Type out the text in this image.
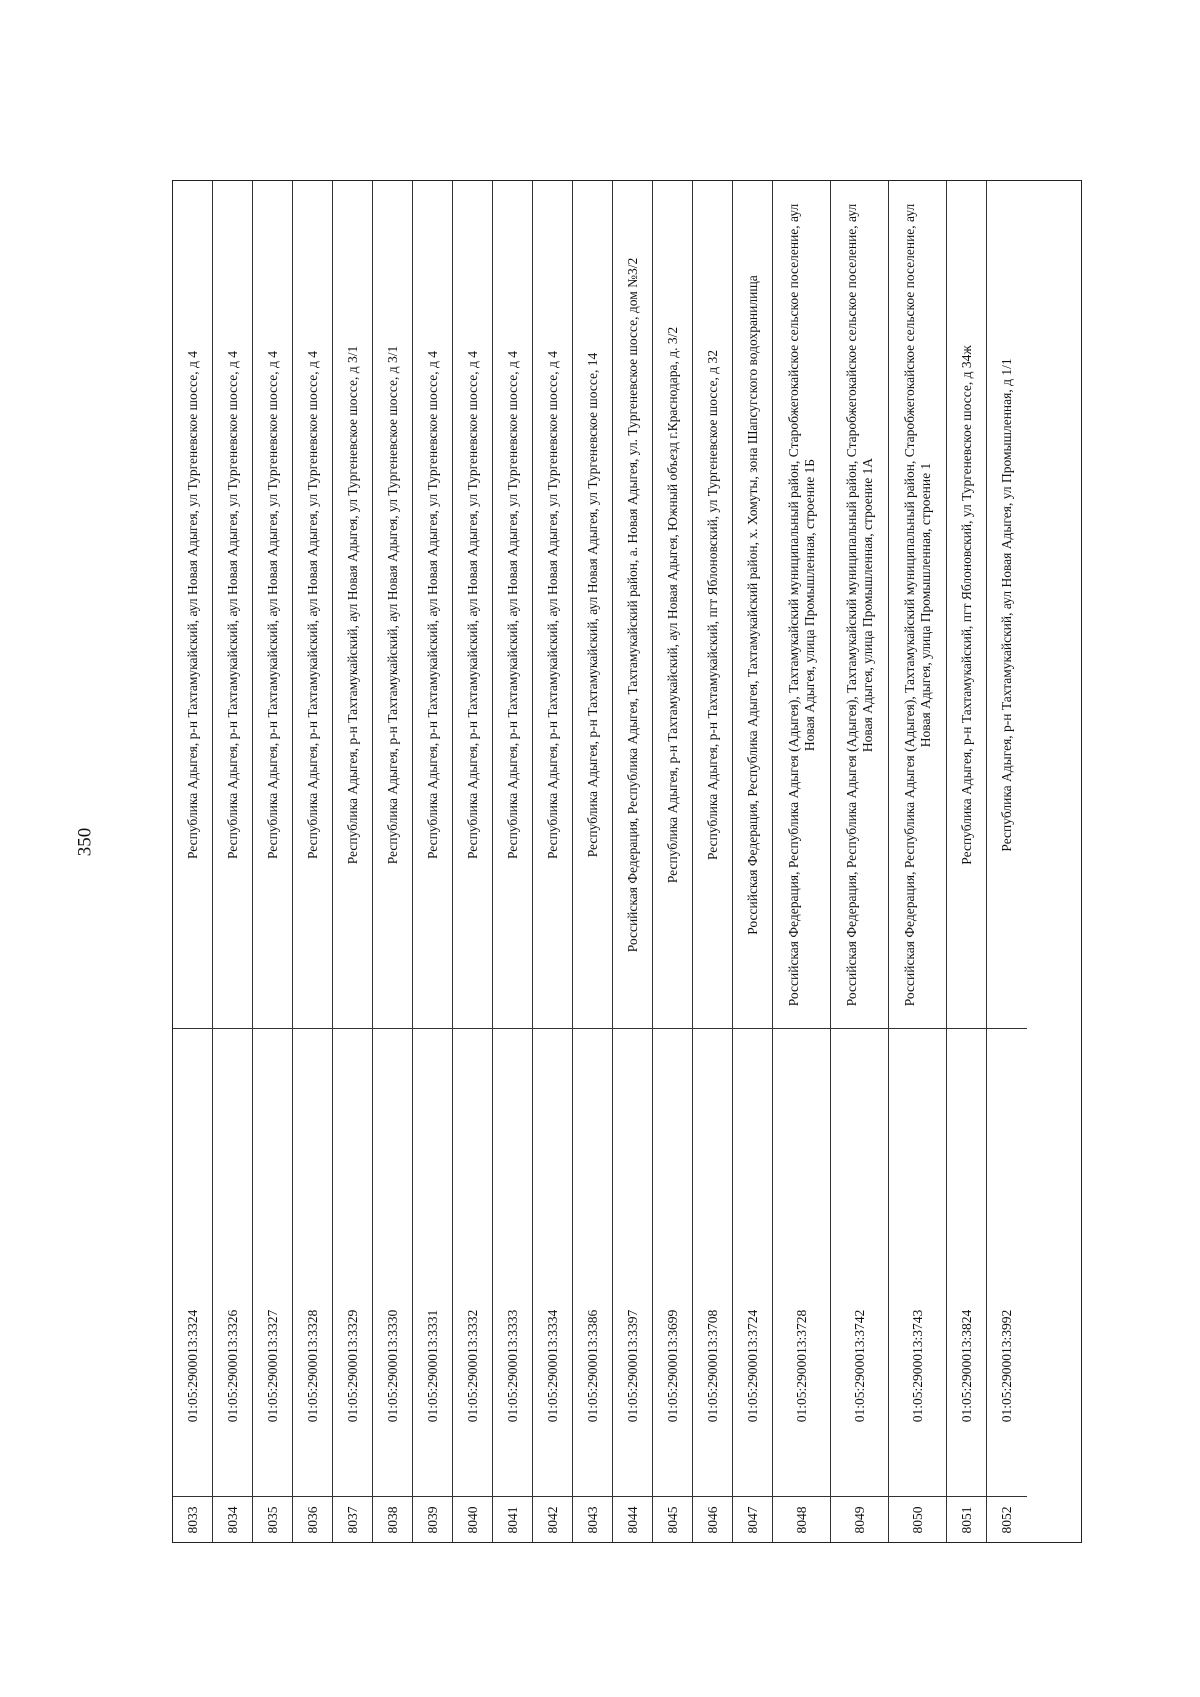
350
8033
01:05:2900013:3324
Республика Адыгея, р-н Тахтамукайский, аул Новая Адыгея, ул Тургеневское шоссе, д 4
8034
01:05:2900013:3326
Республика Адыгея, р-н Тахтамукайский, аул Новая Адыгея, ул Тургеневское шоссе, д 4
8035
01:05:2900013:3327
Республика Адыгея, р-н Тахтамукайский, аул Новая Адыгея, ул Тургеневское шоссе, д 4
8036
01:05:2900013:3328
Республика Адыгея, р-н Тахтамукайский, аул Новая Адыгея, ул Тургеневское шоссе, д 4
8037
01:05:2900013:3329
Республика Адыгея, р-н Тахтамукайский, аул Новая Адыгея, ул Тургеневское шоссе, д 3/1
8038
01:05:2900013:3330
Республика Адыгея, р-н Тахтамукайский, аул Новая Адыгея, ул Тургеневское шоссе, д 3/1
8039
01:05:2900013:3331
Республика Адыгея, р-н Тахтамукайский, аул Новая Адыгея, ул Тургеневское шоссе, д 4
8040
01:05:2900013:3332
Республика Адыгея, р-н Тахтамукайский, аул Новая Адыгея, ул Тургеневское шоссе, д 4
8041
01:05:2900013:3333
Республика Адыгея, р-н Тахтамукайский, аул Новая Адыгея, ул Тургеневское шоссе, д 4
8042
01:05:2900013:3334
Республика Адыгея, р-н Тахтамукайский, аул Новая Адыгея, ул Тургеневское шоссе, д 4
8043
01:05:2900013:3386
Республика Адыгея, р-н Тахтамукайский, аул Новая Адыгея, ул Тургеневское шоссе, 14
8044
01:05:2900013:3397
Российская Федерация, Республика Адыгея, Тахтамукайский район, а. Новая Адыгея, ул. Тургеневское шоссе, дом №3/2
8045
01:05:2900013:3699
Республика Адыгея, р-н Тахтамукайский, аул Новая Адыгея, Южный объезд г.Краснодара, д. 3/2
8046
01:05:2900013:3708
Республика Адыгея, р-н Тахтамукайский, пгт Яблоновский, ул Тургеневское шоссе, д 32
8047
01:05:2900013:3724
Российская Федерация, Республика Адыгея, Тахтамукайский район, х. Хомуты, зона Шапсугского водохранилища
8048
01:05:2900013:3728
Российская Федерация, Республика Адыгея (Адыгея), Тахтамукайский муниципальный район, Старобжегокайское сельское поселение, аул Новая Адыгея, улица Промышленная, строение 1Б
8049
01:05:2900013:3742
Российская Федерация, Республика Адыгея (Адыгея), Тахтамукайский муниципальный район, Старобжегокайское сельское поселение, аул Новая Адыгея, улица Промышленная, строение 1А
8050
01:05:2900013:3743
Российская Федерация, Республика Адыгея (Адыгея), Тахтамукайский муниципальный район, Старобжегокайское сельское поселение, аул Новая Адыгея, улица Промышленная, строение 1
8051
01:05:2900013:3824
Республика Адыгея, р-н Тахтамукайский, пгт Яблоновский, ул Тургеневское шоссе, д 34ж
8052
01:05:2900013:3992
Республика Адыгея, р-н Тахтамукайский, аул Новая Адыгея, ул Промышленная, д 1/1
